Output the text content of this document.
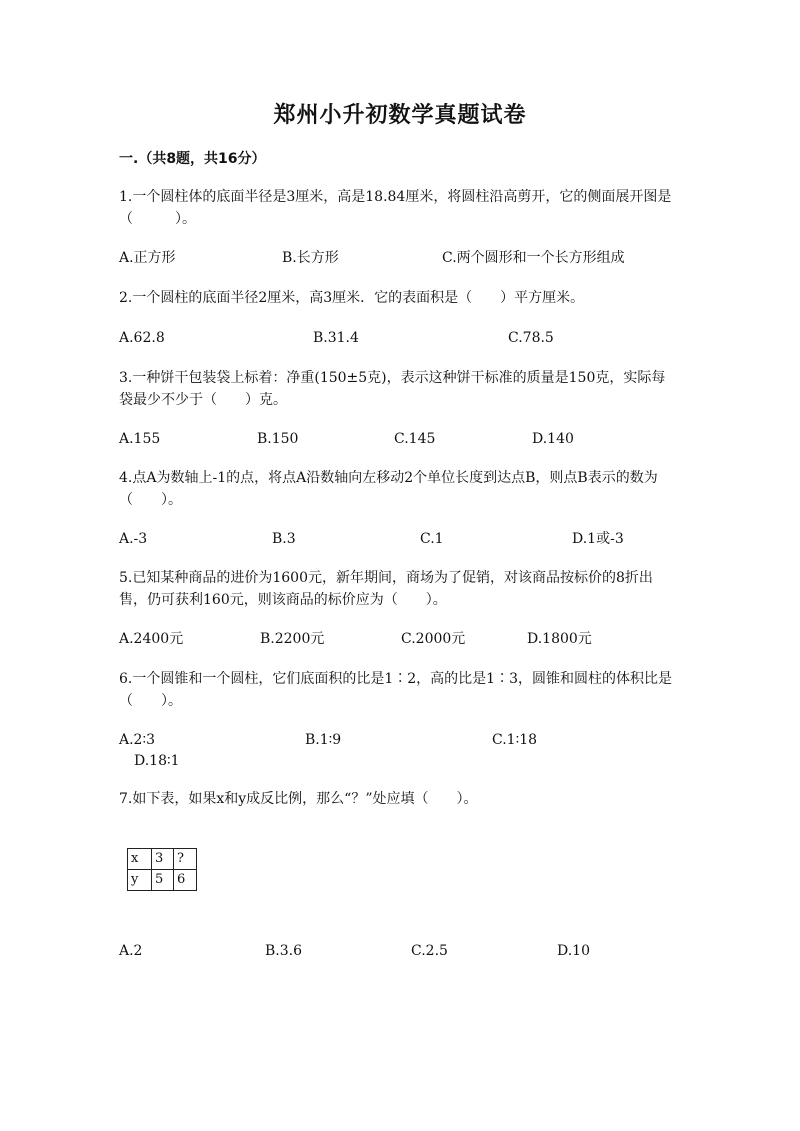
郑州小升初数学真题试卷
一.（共8题，共16分）
1.一个圆柱体的底面半径是3厘米，高是18.84厘米，将圆柱沿高剪开，它的侧面展开图是（　　　）。
A.正方形	B.长方形	C.两个圆形和一个长方形组成
2.一个圆柱的底面半径2厘米，高3厘米．它的表面积是（　　）平方厘米。
A.62.8	B.31.4	C.78.5
3.一种饼干包装袋上标着：净重(150±5克)，表示这种饼干标准的质量是150克，实际每袋最少不少于（　　）克。
A.155	B.150	C.145	D.140
4.点A为数轴上-1的点，将点A沿数轴向左移动2个单位长度到达点B，则点B表示的数为（　　）。
A.-3	B.3	C.1	D.1或-3
5.已知某种商品的进价为1600元，新年期间，商场为了促销，对该商品按标价的8折出售，仍可获利160元，则该商品的标价应为（　　）。
A.2400元	B.2200元	C.2000元	D.1800元
6.一个圆锥和一个圆柱，它们底面积的比是1∶2，高的比是1∶3，圆锥和圆柱的体积比是（　　）。
A.2∶3	B.1∶9	C.1∶18
D.18∶1
7.如下表，如果x和y成反比例，那么“？”处应填（　　）。
x	3	?
y	5	6
A.2	B.3.6	C.2.5	D.10
